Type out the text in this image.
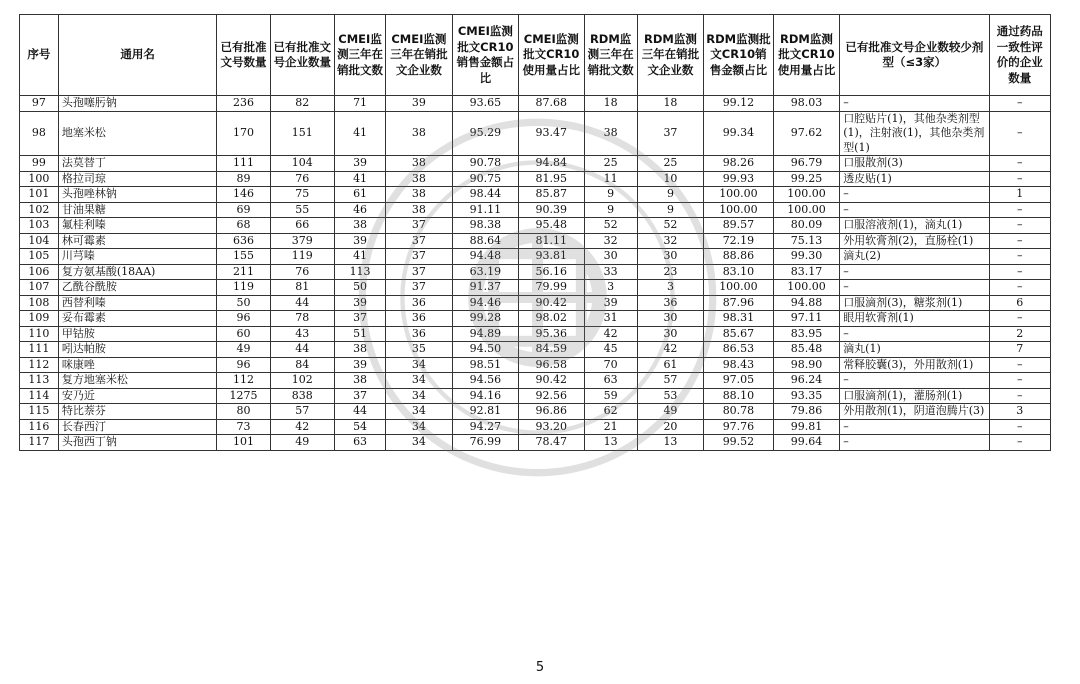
序号	通用名	已有批准文号数量	已有批准文号企业数量	CMEI监测三年在销批文数	CMEI监测三年在销批文企业数	CMEI监测批文CR10销售金额占比	CMEI监测批文CR10使用量占比	RDM监测三年在销批文数	RDM监测三年在销批文企业数	RDM监测批文CR10销售金额占比	RDM监测批文CR10使用量占比	已有批准文号企业数较少剂型（≤3家）	通过药品一致性评价的企业数量
97	头孢噻肟钠	236	82	71	39	93.65	87.68	18	18	99.12	98.03	–	–
98	地塞米松	170	151	41	38	95.29	93.47	38	37	99.34	97.62	口腔贴片(1)，其他杂类剂型(1)，注射液(1)，其他杂类剂型(1)	–
99	法莫替丁	111	104	39	38	90.78	94.84	25	25	98.26	96.79	口服散剂(3)	–
100	格拉司琼	89	76	41	38	90.75	81.95	11	10	99.93	99.25	透皮贴(1)	–
101	头孢唑林钠	146	75	61	38	98.44	85.87	9	9	100.00	100.00	–	1
102	甘油果糖	69	55	46	38	91.11	90.39	9	9	100.00	100.00	–	–
103	氟桂利嗪	68	66	38	37	98.38	95.48	52	52	89.57	80.09	口服溶液剂(1)，滴丸(1)	–
104	林可霉素	636	379	39	37	88.64	81.11	32	32	72.19	75.13	外用软膏剂(2)，直肠栓(1)	–
105	川芎嗪	155	119	41	37	94.48	93.81	30	30	88.86	99.30	滴丸(2)	–
106	复方氨基酸(18AA)	211	76	113	37	63.19	56.16	33	23	83.10	83.17	–	–
107	乙酰谷酰胺	119	81	50	37	91.37	79.99	3	3	100.00	100.00	–	–
108	西替利嗪	50	44	39	36	94.46	90.42	39	36	87.96	94.88	口服滴剂(3)，糖浆剂(1)	6
109	妥布霉素	96	78	37	36	99.28	98.02	31	30	98.31	97.11	眼用软膏剂(1)	–
110	甲钴胺	60	43	51	36	94.89	95.36	42	30	85.67	83.95	–	2
111	吲达帕胺	49	44	38	35	94.50	84.59	45	42	86.53	85.48	滴丸(1)	7
112	咪康唑	96	84	39	34	98.51	96.58	70	61	98.43	98.90	常释胶囊(3)，外用散剂(1)	–
113	复方地塞米松	112	102	38	34	94.56	90.42	63	57	97.05	96.24	–	–
114	安乃近	1275	838	37	34	94.16	92.56	59	53	88.10	93.35	口服滴剂(1)，灌肠剂(1)	–
115	特比萘芬	80	57	44	34	92.81	96.86	62	49	80.78	79.86	外用散剂(1)，阴道泡腾片(3)	3
116	长春西汀	73	42	54	34	94.27	93.20	21	20	97.76	99.81	–	–
117	头孢西丁钠	101	49	63	34	76.99	78.47	13	13	99.52	99.64	–	–
5
